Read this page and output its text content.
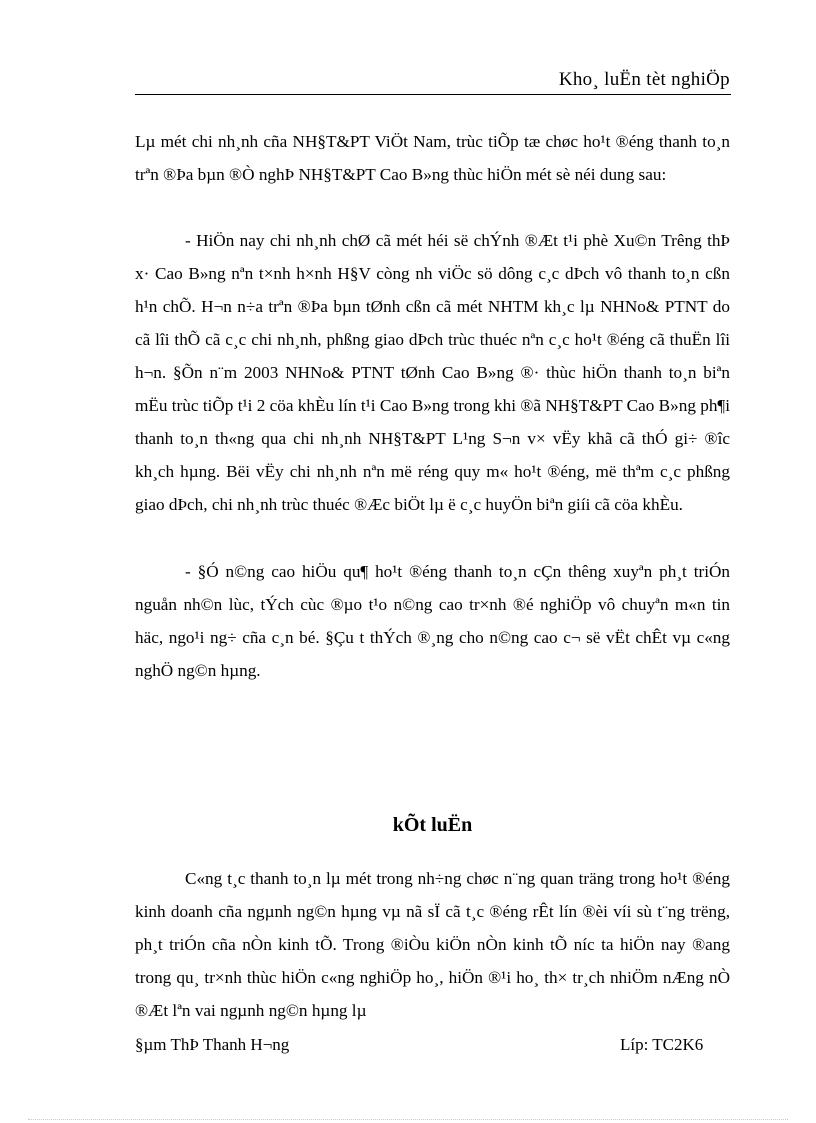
Kho¸ luËn tèt nghiÖp

Lµ mét chi nh¸nh cña NH§T&PT ViÖt Nam, trùc tiÕp tæ chøc ho¹t ®éng thanh to¸n trªn ®Þa bµn ®Ò nghÞ NH§T&PT Cao B»ng thùc hiÖn mét sè néi dung sau:

- HiÖn nay chi nh¸nh chØ cã mét héi së chÝnh ®Æt t¹i phè Xu©n Trêng thÞ x· Cao B»ng nªn t×nh h×nh H§V còng nh viÖc sö dông c¸c dÞch vô thanh to¸n cßn h¹n chÕ. H¬n n÷a trªn ®Þa bµn tØnh cßn cã mét NHTM kh¸c lµ NHNo& PTNT do cã lîi thÕ cã c¸c chi nh¸nh, phßng giao dÞch trùc thuéc nªn c¸c ho¹t ®éng cã thuËn lîi h¬n. §Õn n¨m 2003 NHNo& PTNT tØnh Cao B»ng ®· thùc hiÖn thanh to¸n biªn mËu trùc tiÕp t¹i 2 cöa khÈu lín t¹i Cao B»ng trong khi ®ã NH§T&PT Cao B»ng ph¶i thanh to¸n th«ng qua chi nh¸nh NH§T&PT L¹ng S¬n v× vËy khã cã thÓ gi÷ ®îc kh¸ch hµng. Bëi vËy chi nh¸nh nªn më réng quy m« ho¹t ®éng, më thªm c¸c phßng giao dÞch, chi nh¸nh trùc thuéc ®Æc biÖt lµ ë c¸c huyÖn biªn giíi cã cöa khÈu.

- §Ó n©ng cao hiÖu qu¶ ho¹t ®éng thanh to¸n cÇn thêng xuyªn ph¸t triÓn nguån nh©n lùc, tÝch cùc ®µo t¹o n©ng cao tr×nh ®é nghiÖp vô chuyªn m«n tin häc, ngo¹i ng÷ cña c¸n bé. §Çu t thÝch ®¸ng cho n©ng cao c¬ së vËt chÊt vµ c«ng nghÖ ng©n hµng.

kÕt luËn

C«ng t¸c thanh to¸n lµ mét trong nh÷ng chøc n¨ng quan träng trong ho¹t ®éng kinh doanh cña ngµnh ng©n hµng vµ nã sÏ cã t¸c ®éng rÊt lín ®èi víi sù t¨ng trëng, ph¸t triÓn cña nÒn kinh tÕ. Trong ®iÒu kiÖn nÒn kinh tÕ níc ta hiÖn nay ®ang trong qu¸ tr×nh thùc hiÖn c«ng nghiÖp ho¸, hiÖn ®¹i ho¸ th× tr¸ch nhiÖm nÆng nÒ ®Æt lªn vai ngµnh ng©n hµng lµ

§µm ThÞ Thanh H¬ng	Líp: TC2K6
